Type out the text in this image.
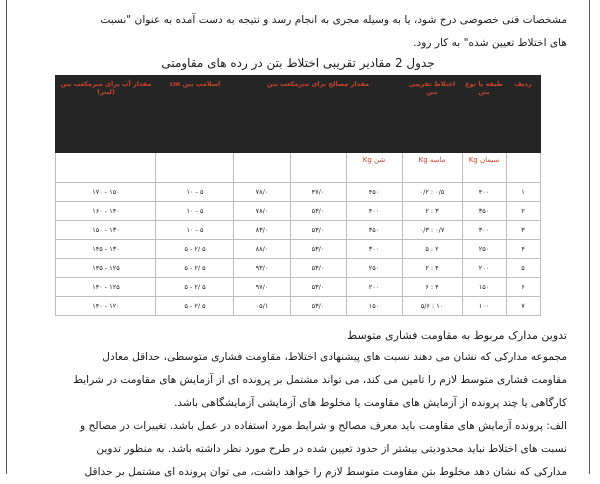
مشخصات فنی خصوصی درج شود، یا به وسیله مجری به انجام رسد و نتیجه به دست آمده به عنوان "نسبت

های اختلاط تعیین شده" به کار رود.

جدول 2 مقادیر تقریبی اختلاط بتن در رده های مقاومتی
ردیف	طبقه یا نوع بتن	اختلاط تقریبی بتن	مقدار مصالح برای مترمکعب بتن			اسلامپ بتن cm	مقدار آب برای مترمکعب بتن (لیتر)
	سیمان Kg	ماسه Kg	شن Kg				
۱	۴۰۰	۰/۵ : ۰/۲	۴۵۰	۴۷/۰	۷۸/۰	۵ - ۱۰	۱۵۰ - ۱۷۰
۲	۳۵۰	۳ : ۲	۴۰۰	۵۳/۰	۷۸/۰	۵ - ۱۰	۱۴۰ - ۱۶۰
۳	۳۰۰	۰/۷ : ۰/۳	۳۵۰	۵۳/۰	۸۳/۰	۵ - ۱۰	۱۳۰ - ۱۵۰
۴	۲۵۰	۲ : ۵	۳۰۰	۵۳/۰	۸۸/۰	۵ /۲ - ۵	۱۳۰ - ۱۴۵
۵	۲۰۰	۴ : ۲	۲۵۰	۵۳/۰	۹۳/۰	۵ /۲ - ۵	۱۲۵ - ۱۴۵
۶	۱۵۰	۴ : ۶	۲۰۰	۵۳/۰	۹۷/۰	۵ /۲ - ۵	۱۲۵ - ۱۴۰
۷	۱۰۰	۱۰ : ۵/۶	۱۵۰	۵۳/۰	۰۵/۱	۵ /۲ - ۵	۱۲۰ - ۱۴۰
تدوین مدارک مربوط به مقاومت فشاری متوسط

مجموعه مدارکی که نشان می دهند نسبت های پیشنهادی اختلاط، مقاومت فشاری متوسطی، حداقل معادل

مقاومت فشاری متوسط لازم را تامین می کند، می تواند مشتمل بر پرونده ای از آزمایش های مقاومت در شرایط

کارگاهی یا چند پرونده از آزمایش های مقاومت یا مخلوط های آزمایشی آزمایشگاهی باشد.

الف: پرونده آزمایش های مقاومت باید معرف مصالح و شرایط مورد استفاده در عمل باشد. تغییرات در مصالح و

نسبت های اختلاط نباید محدودیتی بیشتر از حدود تعیین شده در طرح مورد نظر داشته باشد. به منظور تدوین

مدارکی که نشان دهد مخلوط بتن مقاومت متوسط لازم را خواهد داشت، می توان پرونده ای مشتمل بر حداقل
